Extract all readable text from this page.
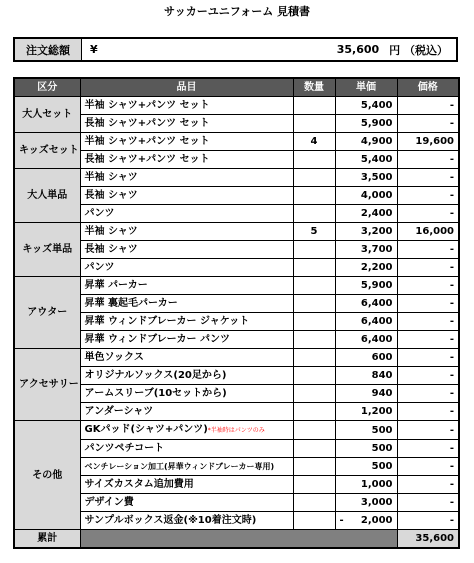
サッカーユニフォーム 見積書
注文総額	¥	35,600 円 （税込）
区分	品目	数量	単価	価格
大人セット	半袖 シャツ+パンツ セット		5,400	-
	長袖 シャツ+パンツ セット		5,900	-
キッズセット	半袖 シャツ+パンツ セット	4	4,900	19,600
	長袖 シャツ+パンツ セット		5,400	-
大人単品	半袖 シャツ		3,500	-
	長袖 シャツ		4,000	-
	パンツ		2,400	-
キッズ単品	半袖 シャツ	5	3,200	16,000
	長袖 シャツ		3,700	-
	パンツ		2,200	-
アウター	昇華 パーカー		5,900	-
	昇華 裏起毛パーカー		6,400	-
	昇華 ウィンドブレーカー ジャケット		6,400	-
	昇華 ウィンドブレーカー パンツ		6,400	-
アクセサリー	単色ソックス		600	-
	オリジナルソックス(20足から)		840	-
	アームスリーブ(10セットから)		940	-
	アンダーシャツ		1,200	-
その他	GKパッド(シャツ+パンツ)*半袖時はパンツのみ		500	-
	パンツペチコート		500	-
	ベンチレーション加工(昇華ウィンドブレーカー専用)		500	-
	サイズカスタム追加費用		1,000	-
	デザイン費		3,000	-
	サンプルボックス返金(※10着注文時)		- 2,000	-
累計				35,600
